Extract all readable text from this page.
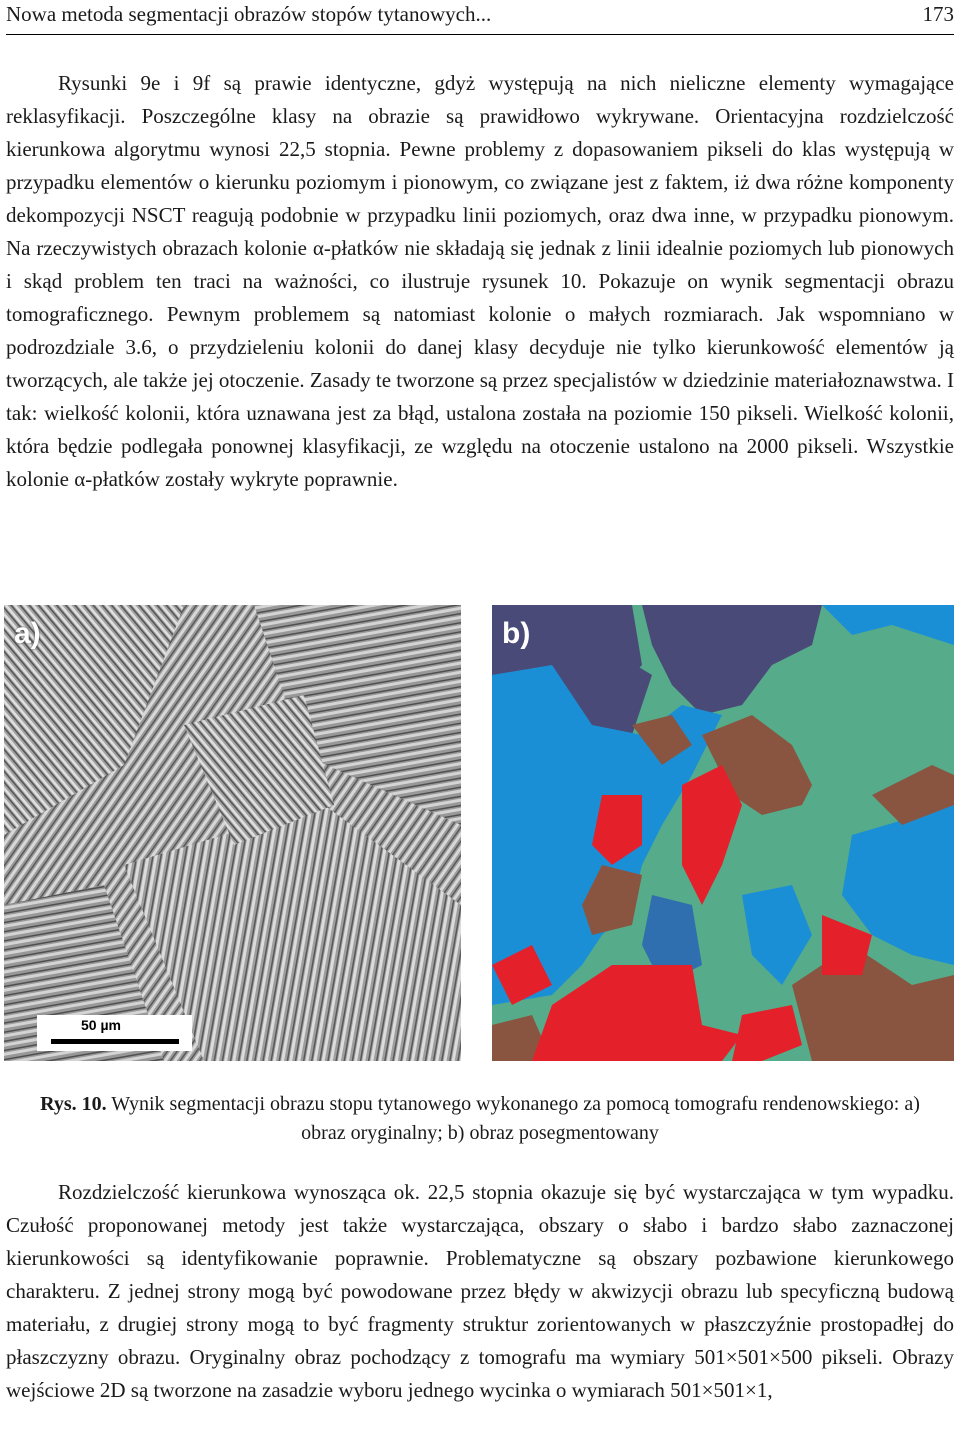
Nowa metoda segmentacji obrazów stopów tytanowych...	173

Rysunki 9e i 9f są prawie identyczne, gdyż występują na nich nieliczne elementy wymagające reklasyfikacji. Poszczególne klasy na obrazie są prawidłowo wykrywane. Orientacyjna rozdzielczość kierunkowa algorytmu wynosi 22,5 stopnia. Pewne problemy z dopasowaniem pikseli do klas występują w przypadku elementów o kierunku poziomym i pionowym, co związane jest z faktem, iż dwa różne komponenty dekompozycji NSCT reagują podobnie w przypadku linii poziomych, oraz dwa inne, w przypadku pionowym. Na rzeczywistych obrazach kolonie α-płatków nie składają się jednak z linii idealnie poziomych lub pionowych i skąd problem ten traci na ważności, co ilustruje rysunek 10. Pokazuje on wynik segmentacji obrazu tomograficznego. Pewnym problemem są natomiast kolonie o małych rozmiarach. Jak wspomniano w podrozdziale 3.6, o przydzieleniu kolonii do danej klasy decyduje nie tylko kierunkowość elementów ją tworzących, ale także jej otoczenie. Zasady te tworzone są przez specjalistów w dziedzinie materiałoznawstwa. I tak: wielkość kolonii, która uznawana jest za błąd, ustalona została na poziomie 150 pikseli. Wielkość kolonii, która będzie podlegała ponownej klasyfikacji, ze względu na otoczenie ustalono na 2000 pikseli. Wszystkie kolonie α-płatków zostały wykryte poprawnie.

a)
50 µm
b)
Rys. 10. Wynik segmentacji obrazu stopu tytanowego wykonanego za pomocą tomografu rendenowskiego: a) obraz oryginalny; b) obraz posegmentowany

Rozdzielczość kierunkowa wynosząca ok. 22,5 stopnia okazuje się być wystarczająca w tym wypadku. Czułość proponowanej metody jest także wystarczająca, obszary o słabo i bardzo słabo zaznaczonej kierunkowości są identyfikowanie poprawnie. Problematyczne są obszary pozbawione kierunkowego charakteru. Z jednej strony mogą być powodowane przez błędy w akwizycji obrazu lub specyficzną budową materiału, z drugiej strony mogą to być fragmenty struktur zorientowanych w płaszczyźnie prostopadłej do płaszczyzny obrazu. Oryginalny obraz pochodzący z tomografu ma wymiary 501×501×500 pikseli. Obrazy wejściowe 2D są tworzone na zasadzie wyboru jednego wycinka o wymiarach 501×501×1,
